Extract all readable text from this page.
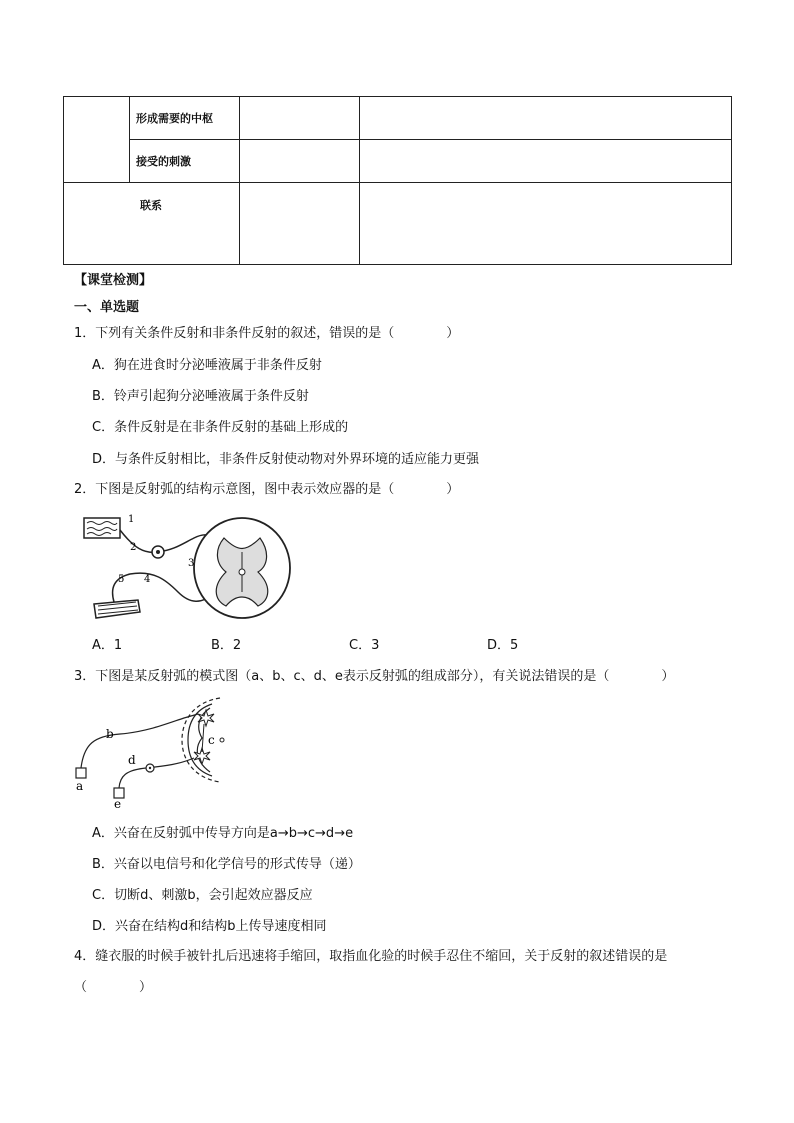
	形成需要的中枢		
	接受的刺激		
联系			
【课堂检测】
一、单选题
1．下列有关条件反射和非条件反射的叙述，错误的是（　　　　）
A．狗在进食时分泌唾液属于非条件反射
B．铃声引起狗分泌唾液属于条件反射
C．条件反射是在非条件反射的基础上形成的
D．与条件反射相比，非条件反射使动物对外界环境的适应能力更强
2．下图是反射弧的结构示意图，图中表示效应器的是（　　　　）
1
2
3
4
5
A．1	B．2	C．3	D．5
3．下图是某反射弧的模式图（a、b、c、d、e表示反射弧的组成部分），有关说法错误的是（　　　　）
a
b	c
d
e
A．兴奋在反射弧中传导方向是a→b→c→d→e
B．兴奋以电信号和化学信号的形式传导（递）
C．切断d、刺激b，会引起效应器反应
D．兴奋在结构d和结构b上传导速度相同
4．缝衣服的时候手被针扎后迅速将手缩回，取指血化验的时候手忍住不缩回，关于反射的叙述错误的是
（　　　　）
